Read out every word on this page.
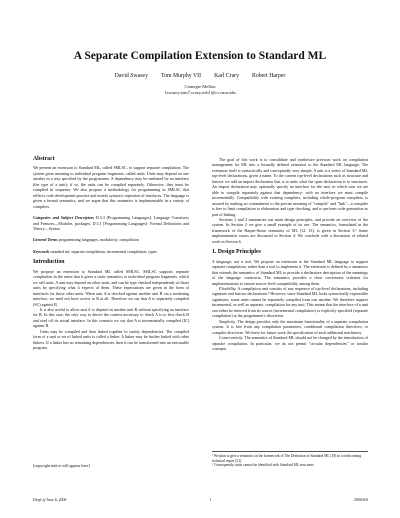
A Separate Compilation Extension to Standard ML
David Swasey Tom Murphy VII Karl Crary Robert Harper
Carnegie Mellon
{swasey,tom7,crary,rwh}@cs.cmu.edu
Abstract

We present an extension to Standard ML, called SMLSC, to support separate compilation. The system gives meaning to individual program fragments, called units. Units may depend on one another in a way specified by the programmer. A dependency may be mediated by an interface (the type of a unit); if so, the units can be compiled separately. Otherwise, they must be compiled in sequence. We also propose a methodology for programming in SMLSC that reflects code development practice and avoids syntactic repetition of interfaces. The language is given a formal semantics, and we argue that this semantics is implementable in a variety of compilers.

Categories and Subject Descriptors D.3.3 [Programming Languages]: Language Constructs and Features—Modules, packages; D.3.1 [Programming Languages]: Formal Definitions and Theory—Syntax

General Terms programming languages, modularity, compilation

Keywords standard ml, separate compilation, incremental compilation, types

Introduction

We propose an extension to Standard ML called SMLSC. SMLSC supports separate compilation in the sense that it gives a static semantics to individual program fragments, which we call units. A unit may depend on other units, and can be type checked independently of those units by specifying what it expects of them. These expectations are given in the form of interfaces for those other units. When unit A is checked against another unit B via a mediating interface, we need not have access to B at all. Therefore we say that A is separately compiled (SC) against B.

It is also useful to allow unit A to depend on another unit B without specifying an interface for B. In this case, the only way to derive the context necessary to check A is to first check B and read off its actual interface. In this scenario we say that A is incrementally compiled (IC) against B.

Units may be compiled and then linked together to satisfy dependencies. The compiled form of a unit or set of linked units is called a linker. A linker may be further linked with other linkers. If a linker has no remaining dependencies, then it can be transformed into an executable program.

[copyright notice will appear here]

The goal of this work is to consolidate and synthesize previous work on compilation management for ML into a formally defined extension to the Standard ML language. The extension itself is syntactically and conceptually very simple. A unit is a series of Standard ML top-level declarations, given a name. To the current top-level declarations such as structure and functor we add an import declaration that is to units what the open declaration is to structures. An import declaration may optionally specify an interface for the unit, in which case we are able to compile separately against that dependency; with no interface we must compile incrementally. Compatibility with existing compilers, including whole-program compilers, is assured by making no commitment to the precise meaning of "compile" and "link"—a compiler is free to limit compilation to elaboration and type checking, and to perform code generation as part of linking.

Sections 1 and 2 summarize our main design principles, and provide an overview of the system. In Section 2 we give a small example of its use. The semantics, formulated in the framework of the Harper-Stone semantics of ML [12, 13], is given in Section 3.¹ Some implementation issues are discussed in Section 4. We conclude with a discussion of related work in Section 6.

1. Design Principles

A language, not a tool. We propose an extension to the Standard ML language to support separate compilation, rather than a tool to implement it. The extension is defined by a semantics that extends the semantics of Standard ML to provide a declarative description of the meanings of the language constructs. The semantics provides a clear correctness criterion for implementations to ensure source-level compatibility among them.

Flexibility. A compilation unit consists of any sequence of top-level declarations, including signature and functor declarations.² However, since Standard ML lacks syntactically expressible signatures, some units cannot be separately compiled from one another. We therefore support incremental, as well as separate, compilation for any unit. This means that the interface of a unit can either be inferred from its source (incremental compilation) or explicitly specified (separate compilation) at the programmer's discretion.

Simplicity. The design provides only the maximum functionality of a separate compilation system. It is free from any compilation parameters, conditional compilation directives, or compiler directives. We leave for future work the specification of such additional machinery.

Conservativity. The semantics of Standard ML should not be changed by the introduction of separate compilation. In particular, we do not permit "circular dependencies" or similar concepts

¹ We plan to give a semantics in the framework of The Definition of Standard ML [18] in a forthcoming technical report [21].

² Consequently, units cannot be identified with Standard ML structures.

Draft of June 6, 2006	1	2006/6/6
